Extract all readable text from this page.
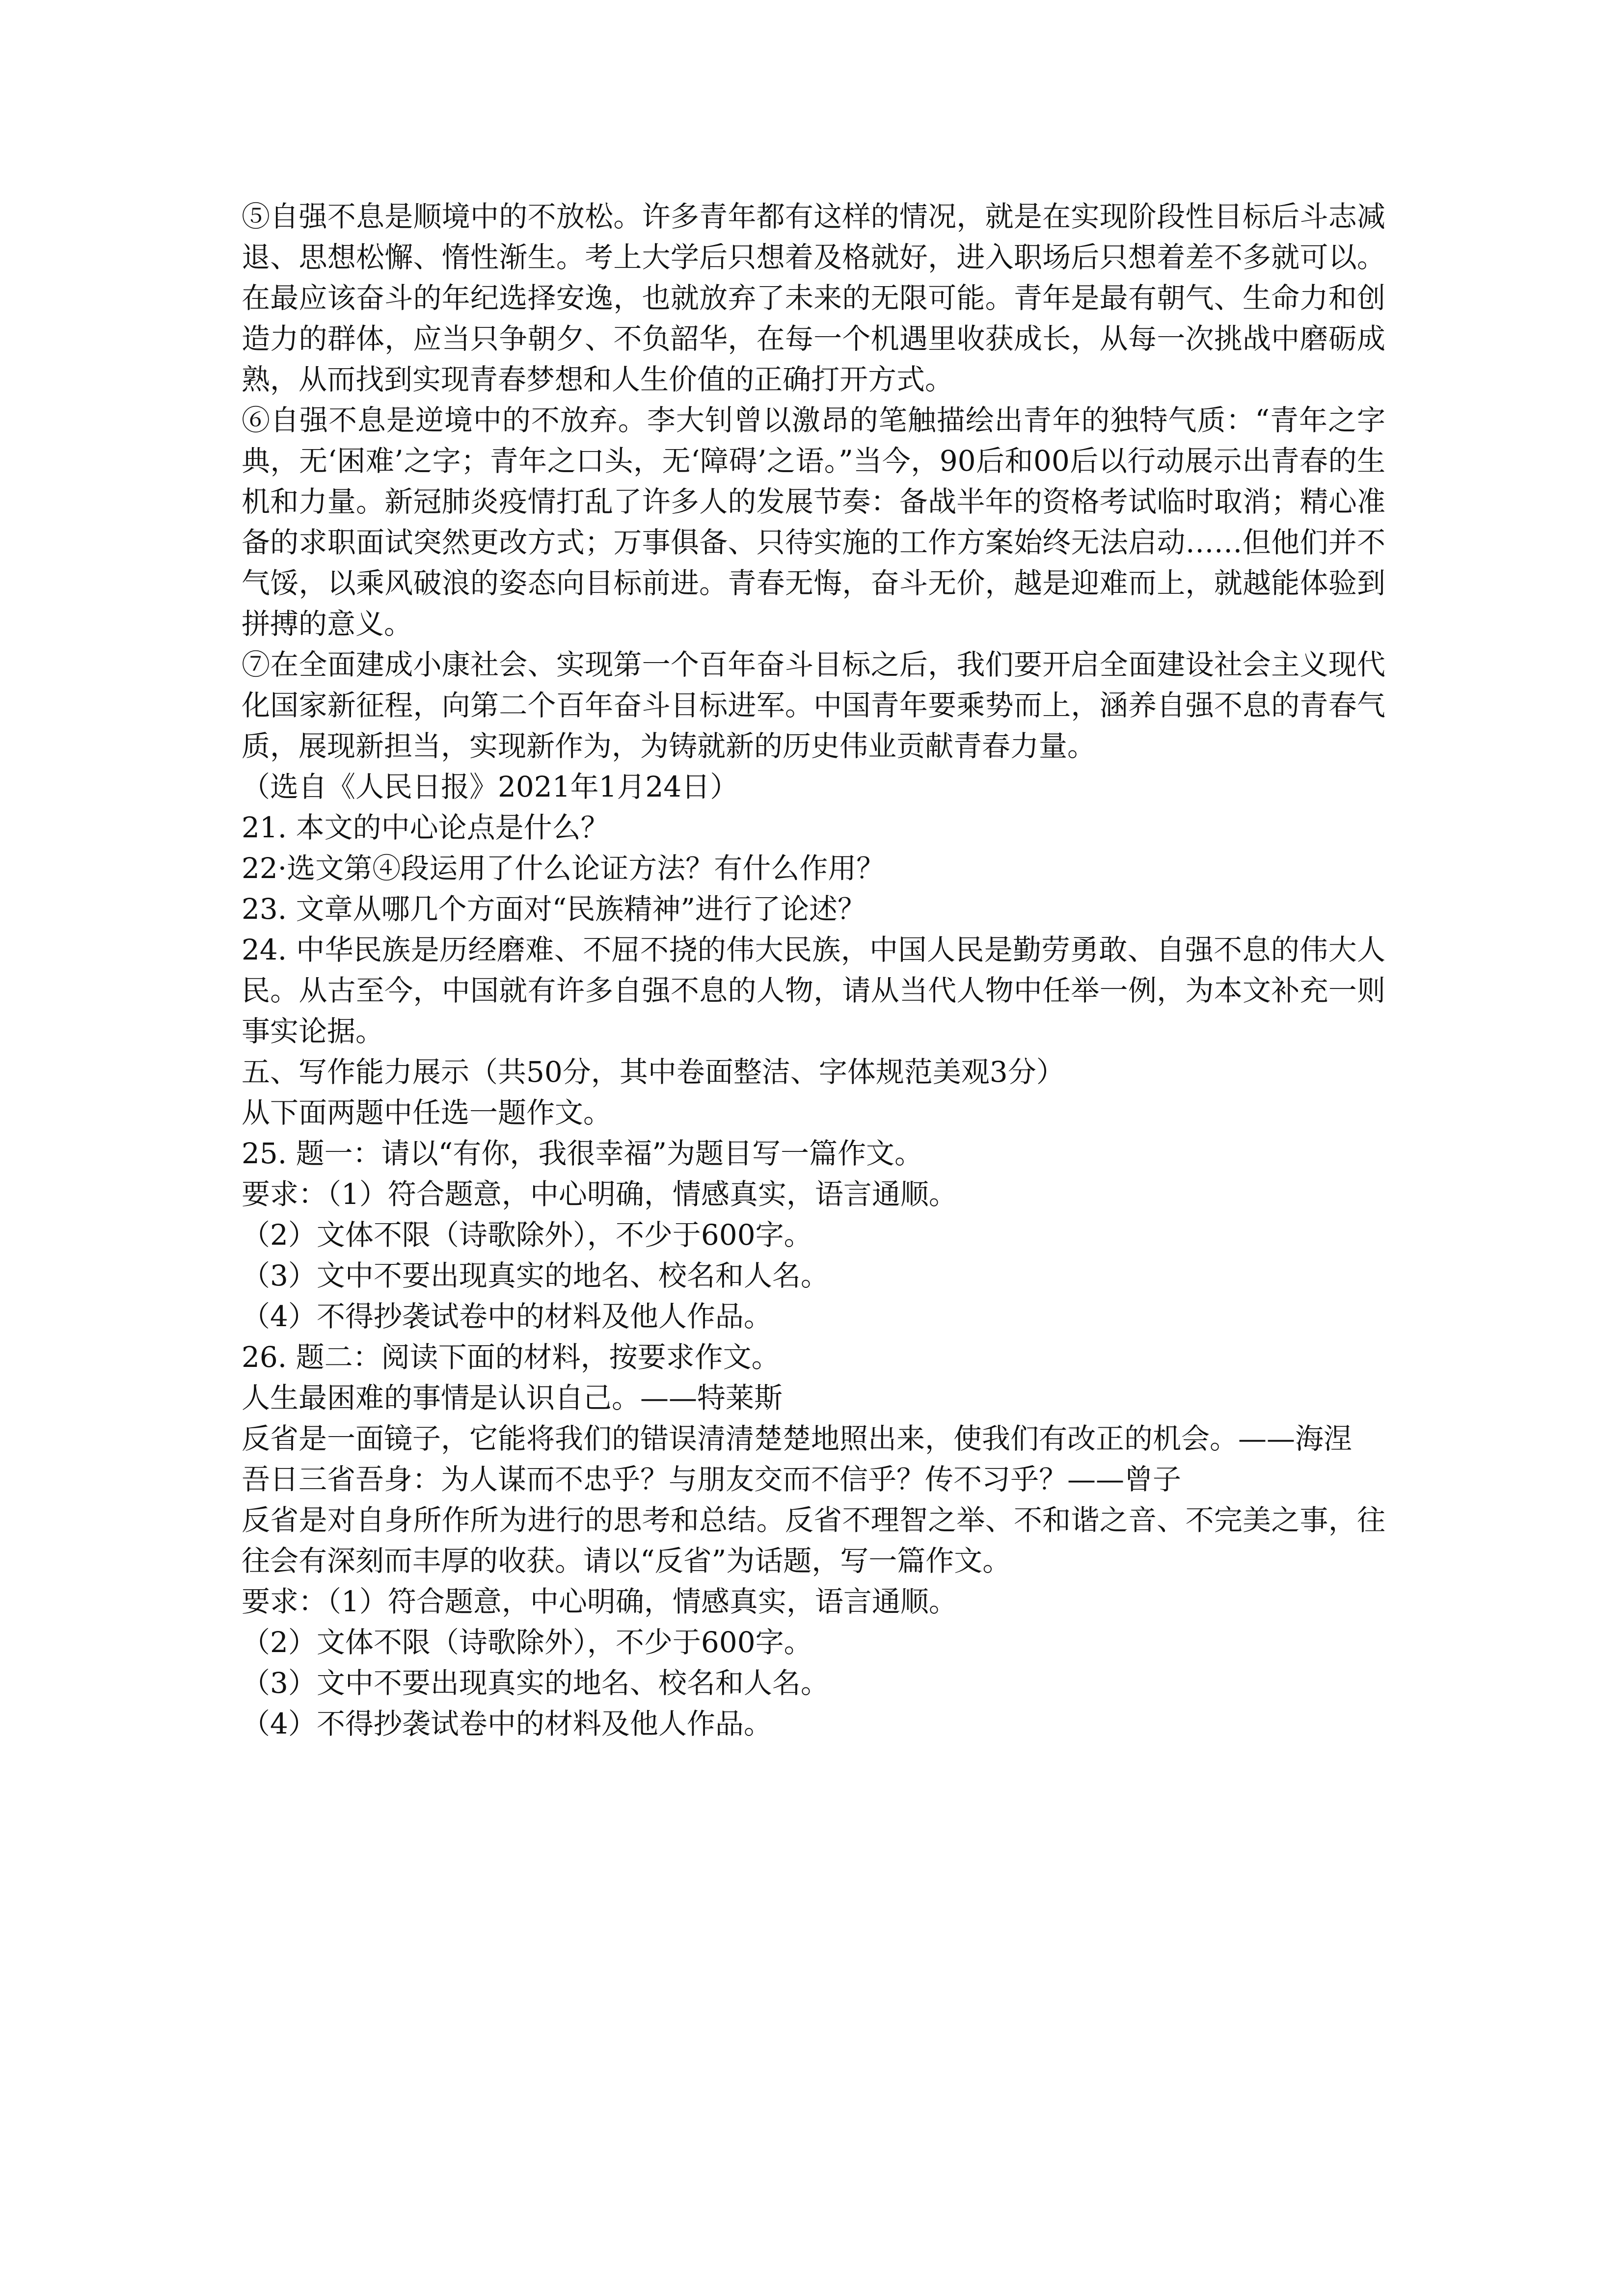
⑤自强不息是顺境中的不放松。许多青年都有这样的情况，就是在实现阶段性目标后斗志减退、思想松懈、惰性渐生。考上大学后只想着及格就好，进入职场后只想着差不多就可以。在最应该奋斗的年纪选择安逸，也就放弃了未来的无限可能。青年是最有朝气、生命力和创造力的群体，应当只争朝夕、不负韶华，在每一个机遇里收获成长，从每一次挑战中磨砺成熟，从而找到实现青春梦想和人生价值的正确打开方式。

⑥自强不息是逆境中的不放弃。李大钊曾以激昂的笔触描绘出青年的独特气质：“青年之字典，无‘困难’之字；青年之口头，无‘障碍’之语。”当今，90后和00后以行动展示出青春的生机和力量。新冠肺炎疫情打乱了许多人的发展节奏：备战半年的资格考试临时取消；精心准备的求职面试突然更改方式；万事俱备、只待实施的工作方案始终无法启动……但他们并不气馁，以乘风破浪的姿态向目标前进。青春无悔，奋斗无价，越是迎难而上，就越能体验到拼搏的意义。

⑦在全面建成小康社会、实现第一个百年奋斗目标之后，我们要开启全面建设社会主义现代化国家新征程，向第二个百年奋斗目标进军。中国青年要乘势而上，涵养自强不息的青春气质，展现新担当，实现新作为，为铸就新的历史伟业贡献青春力量。

（选自《人民日报》2021年1月24日）

21. 本文的中心论点是什么？

22·选文第④段运用了什么论证方法？有什么作用？

23. 文章从哪几个方面对“民族精神”进行了论述？

24. 中华民族是历经磨难、不屈不挠的伟大民族，中国人民是勤劳勇敢、自强不息的伟大人民。从古至今，中国就有许多自强不息的人物，请从当代人物中任举一例，为本文补充一则事实论据。

五、写作能力展示（共50分，其中卷面整洁、字体规范美观3分）

从下面两题中任选一题作文。

25. 题一：请以“有你，我很幸福”为题目写一篇作文。

要求：（1）符合题意，中心明确，情感真实，语言通顺。

（2）文体不限（诗歌除外），不少于600字。

（3）文中不要出现真实的地名、校名和人名。

（4）不得抄袭试卷中的材料及他人作品。

26. 题二：阅读下面的材料，按要求作文。

人生最困难的事情是认识自己。——特莱斯

反省是一面镜子，它能将我们的错误清清楚楚地照出来，使我们有改正的机会。——海涅

吾日三省吾身：为人谋而不忠乎？与朋友交而不信乎？传不习乎？——曾子

反省是对自身所作所为进行的思考和总结。反省不理智之举、不和谐之音、不完美之事，往往会有深刻而丰厚的收获。请以“反省”为话题，写一篇作文。

要求：（1）符合题意，中心明确，情感真实，语言通顺。

（2）文体不限（诗歌除外），不少于600字。

（3）文中不要出现真实的地名、校名和人名。

（4）不得抄袭试卷中的材料及他人作品。
